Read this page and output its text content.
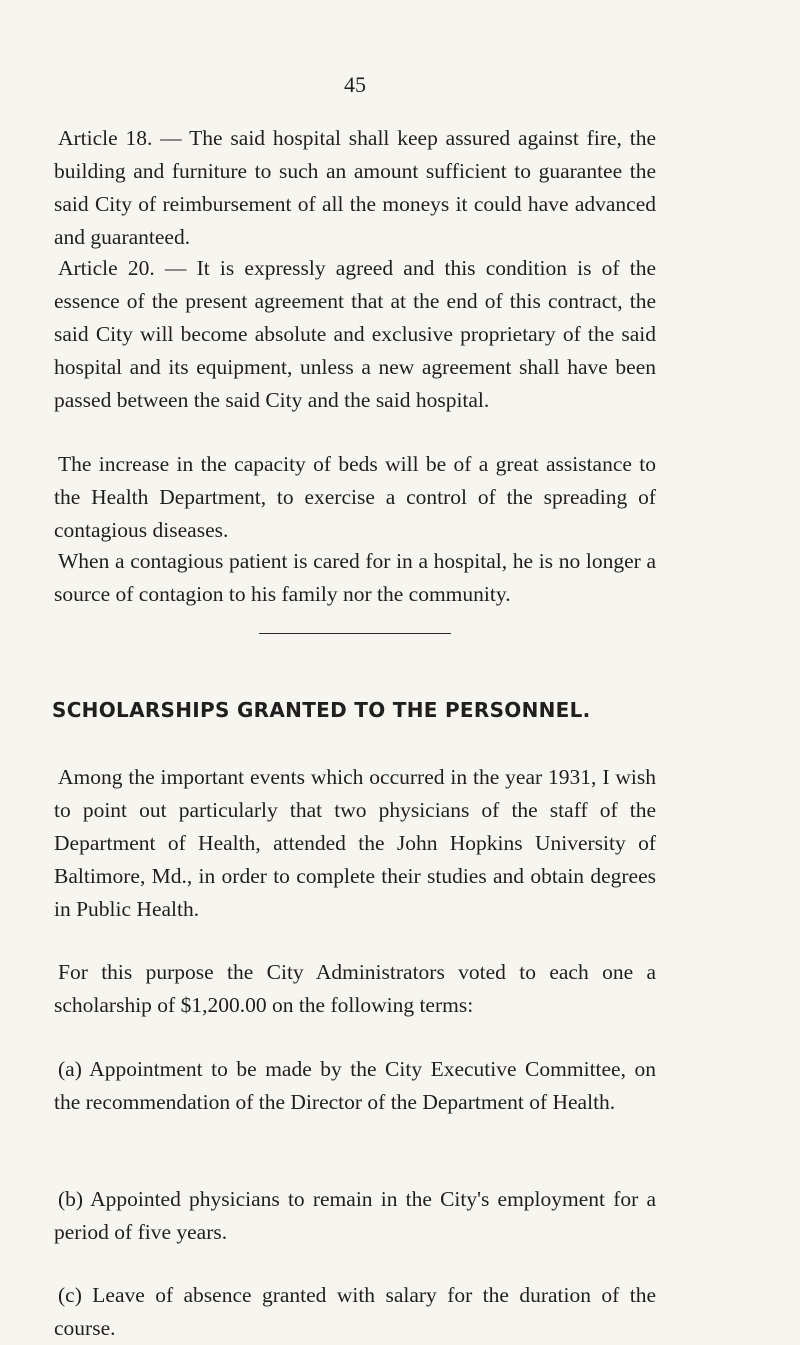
45

Article 18. — The said hospital shall keep assured against fire, the building and furniture to such an amount sufficient to guarantee the said City of reimbursement of all the moneys it could have advanced and guaranteed.

Article 20. — It is expressly agreed and this condition is of the essence of the present agreement that at the end of this contract, the said City will become absolute and exclusive proprietary of the said hospital and its equipment, unless a new agreement shall have been passed between the said City and the said hospital.

The increase in the capacity of beds will be of a great assistance to the Health Department, to exercise a control of the spreading of contagious diseases.

When a contagious patient is cared for in a hospital, he is no longer a source of contagion to his family nor the community.

SCHOLARSHIPS GRANTED TO THE PERSONNEL.

Among the important events which occurred in the year 1931, I wish to point out particularly that two physicians of the staff of the Department of Health, attended the John Hopkins University of Baltimore, Md., in order to complete their studies and obtain degrees in Public Health.

For this purpose the City Administrators voted to each one a scholarship of $1,200.00 on the following terms:

(a) Appointment to be made by the City Executive Committee, on the recommendation of the Director of the Department of Health.

(b) Appointed physicians to remain in the City's employment for a period of five years.

(c) Leave of absence granted with salary for the duration of the course.
